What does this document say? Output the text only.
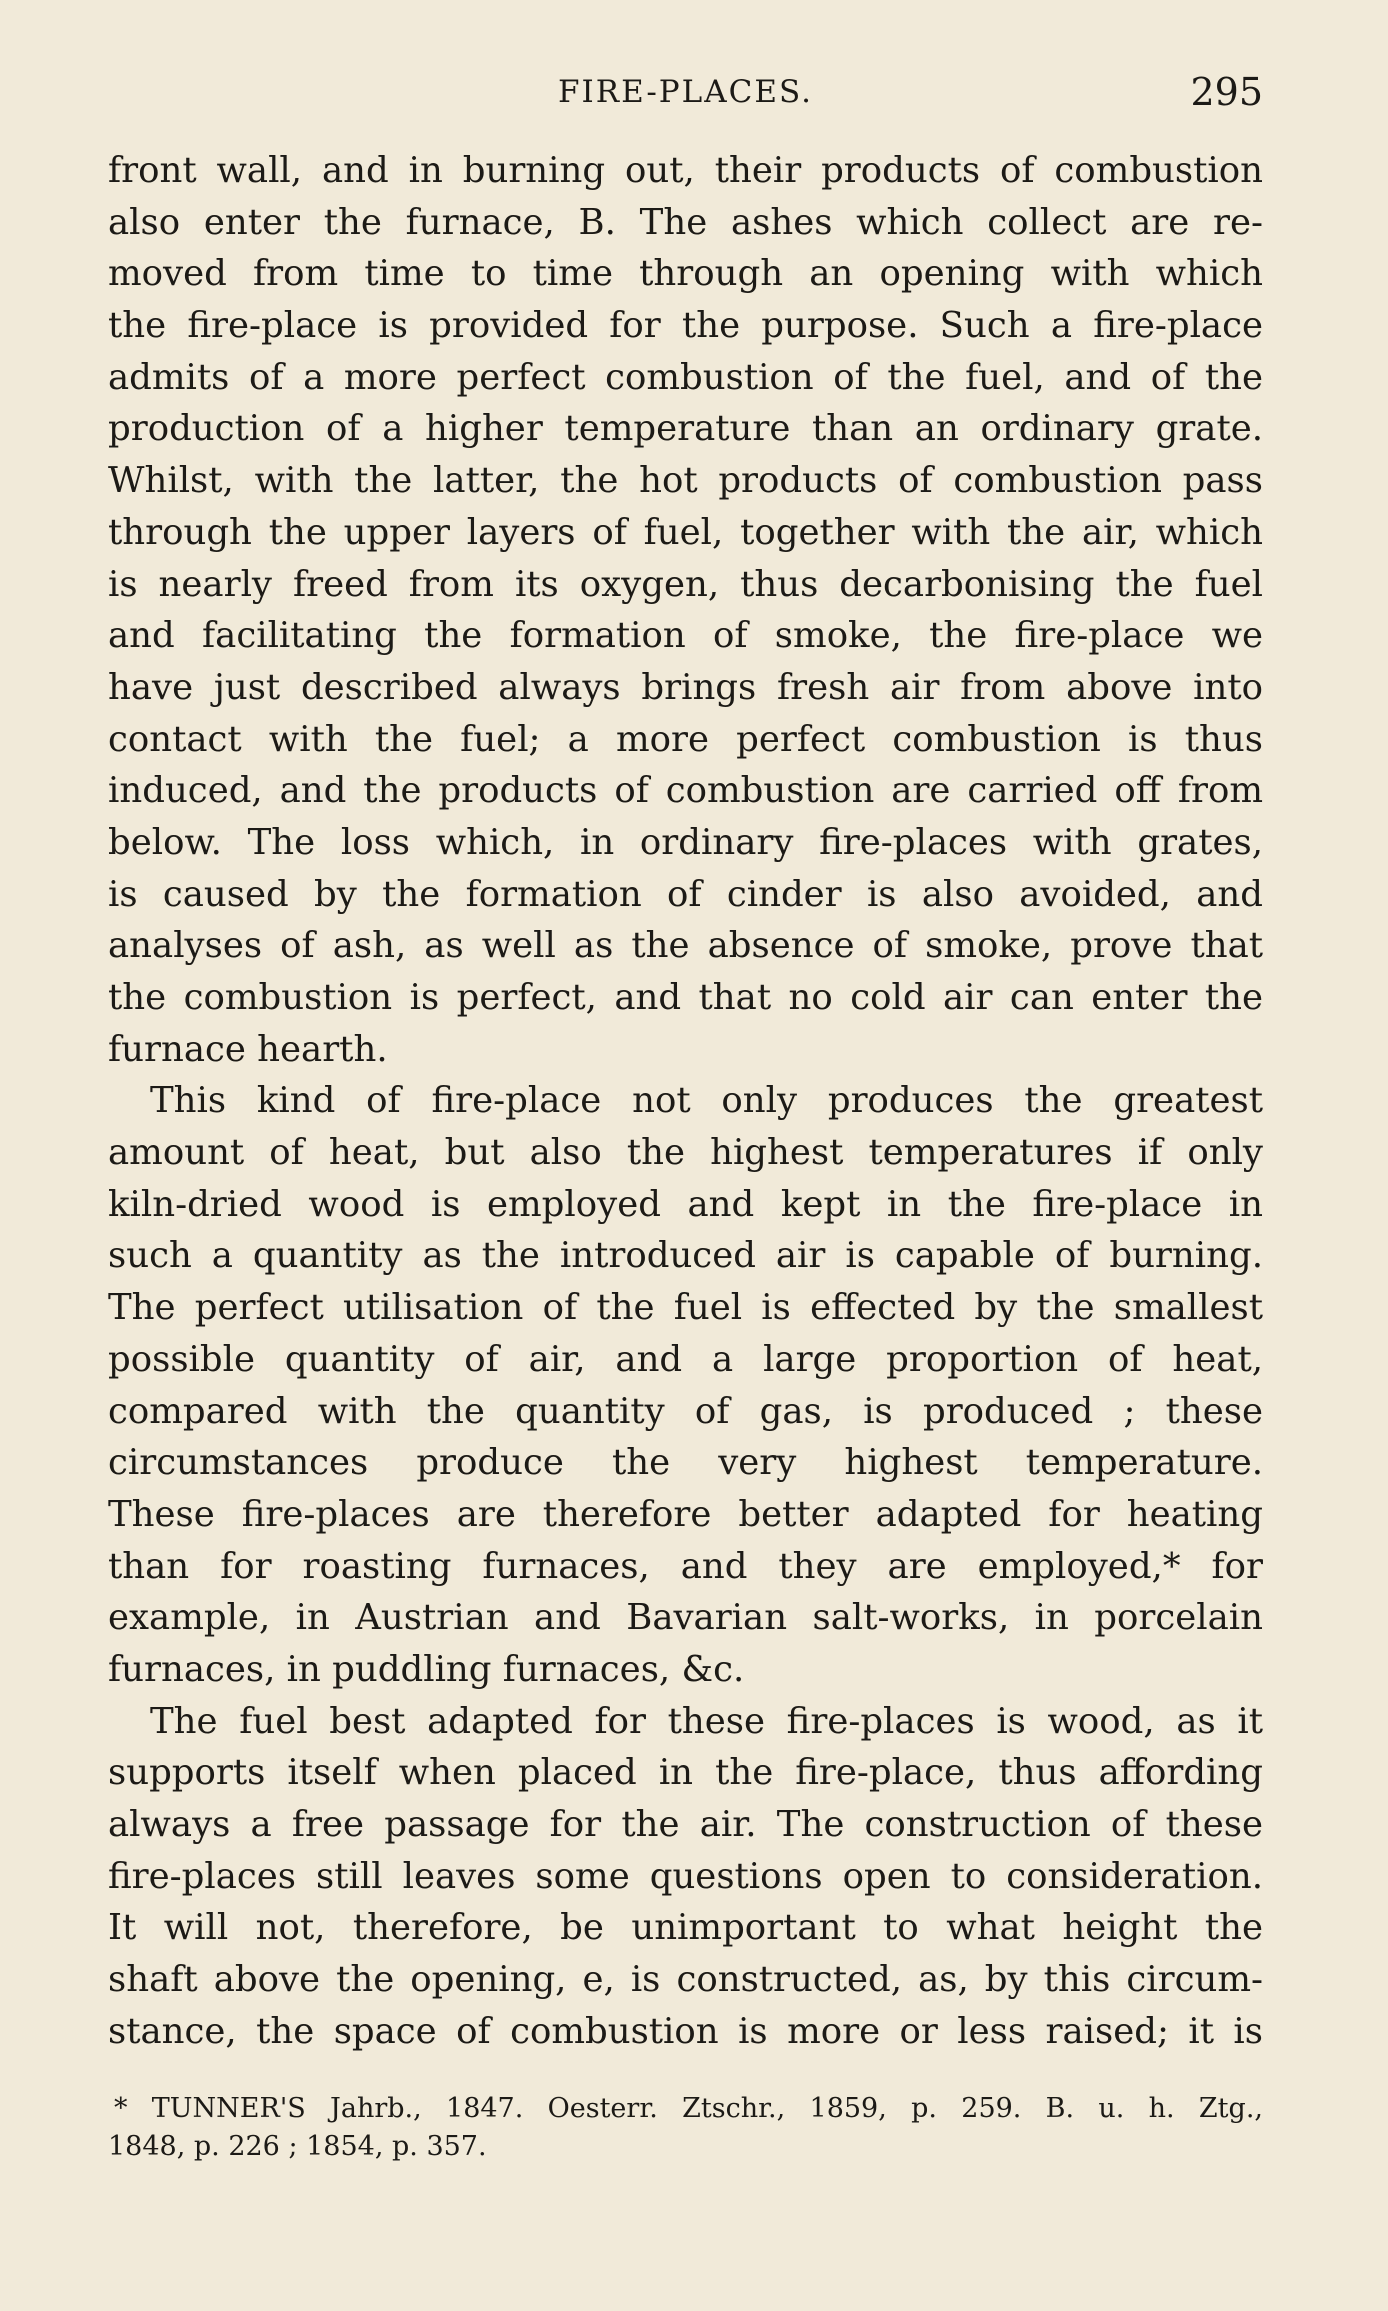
FIRE-PLACES.	295
front wall, and in burning out, their products of combustion
also enter the furnace, B. The ashes which collect are re-
moved from time to time through an opening with which
the fire-place is provided for the purpose. Such a fire-place
admits of a more perfect combustion of the fuel, and of the
production of a higher temperature than an ordinary grate.
Whilst, with the latter, the hot products of combustion pass
through the upper layers of fuel, together with the air, which
is nearly freed from its oxygen, thus decarbonising the fuel
and facilitating the formation of smoke, the fire-place we
have just described always brings fresh air from above into
contact with the fuel; a more perfect combustion is thus
induced, and the products of combustion are carried off from
below. The loss which, in ordinary fire-places with grates,
is caused by the formation of cinder is also avoided, and
analyses of ash, as well as the absence of smoke, prove that
the combustion is perfect, and that no cold air can enter the
furnace hearth.
This kind of fire-place not only produces the greatest
amount of heat, but also the highest temperatures if only
kiln-dried wood is employed and kept in the fire-place in
such a quantity as the introduced air is capable of burning.
The perfect utilisation of the fuel is effected by the smallest
possible quantity of air, and a large proportion of heat,
compared with the quantity of gas, is produced ; these
circumstances produce the very highest temperature.
These fire-places are therefore better adapted for heating
than for roasting furnaces, and they are employed,* for
example, in Austrian and Bavarian salt-works, in porcelain
furnaces, in puddling furnaces, &c.
The fuel best adapted for these fire-places is wood, as it
supports itself when placed in the fire-place, thus affording
always a free passage for the air. The construction of these
fire-places still leaves some questions open to consideration.
It will not, therefore, be unimportant to what height the
shaft above the opening, e, is constructed, as, by this circum-
stance, the space of combustion is more or less raised; it is
* TUNNER'S Jahrb., 1847. Oesterr. Ztschr., 1859, p. 259. B. u. h. Ztg.,
1848, p. 226 ; 1854, p. 357.
